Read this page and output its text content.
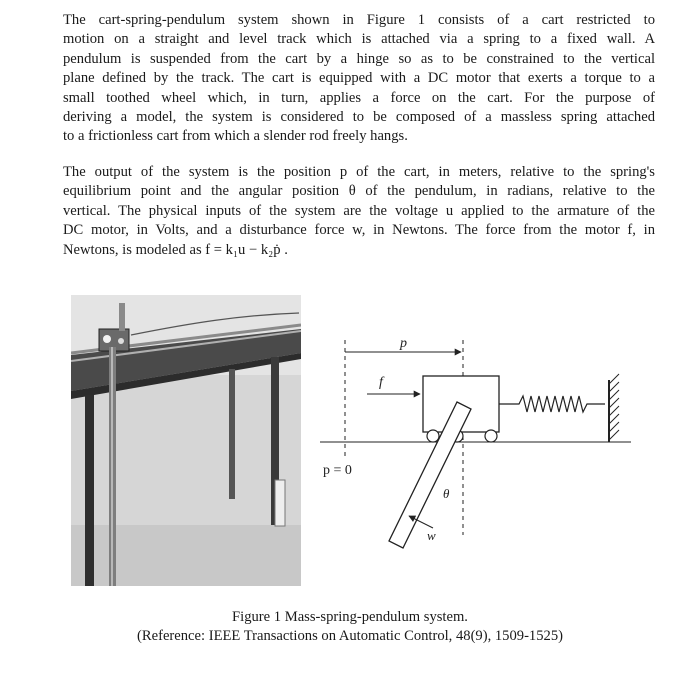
The cart-spring-pendulum system shown in Figure 1 consists of a cart restricted to
motion on a straight and level track which is attached via a spring to a fixed wall. A
pendulum is suspended from the cart by a hinge so as to be constrained to the vertical
plane defined by the track. The cart is equipped with a DC motor that exerts a torque to a
small toothed wheel which, in turn, applies a force on the cart. For the purpose of
deriving a model, the system is considered to be composed of a massless spring attached
to a frictionless cart from which a slender rod freely hangs.
The output of the system is the position p of the cart, in meters, relative to the spring's
equilibrium point and the angular position θ of the pendulum, in radians, relative to the
vertical. The physical inputs of the system are the voltage u applied to the armature of the
DC motor, in Volts, and a disturbance force w, in Newtons. The force from the motor f, in
Newtons, is modeled as f = k₁u − k₂ṗ .
p
f
w
θ
p = 0
Figure 1 Mass-spring-pendulum system.
(Reference: IEEE Transactions on Automatic Control, 48(9), 1509-1525)
